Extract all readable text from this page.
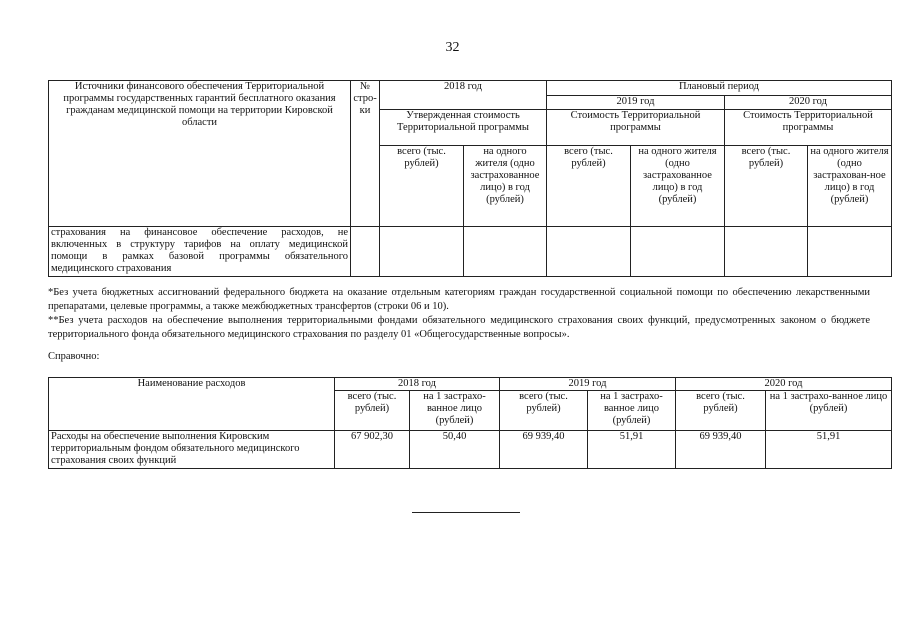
32
Источники финансового обеспечения Территориальной программы государственных гарантий бесплатного оказания гражданам медицинской помощи на территории Кировской области	№ стро-ки	2018 год		Плановый период			
				2019 год		2020 год	
		Утвержденная стоимость Территориальной программы		Стоимость Территориальной программы		Стоимость Территориальной программы	
		всего (тыс. рублей)	на одного жителя (одно застрахованное лицо) в год (рублей)	всего (тыс. рублей)	на одного жителя (одно застрахованное лицо) в год (рублей)	всего (тыс. рублей)	на одного жителя (одно застрахован-ное лицо) в год (рублей)
страхования на финансовое обеспечение расходов, не включенных в структуру тарифов на оплату медицинской помощи в рамках базовой программы обязательного медицинского страхования							
*Без учета бюджетных ассигнований федерального бюджета на оказание отдельным категориям граждан государственной социальной помощи по обеспечению лекарственными препаратами, целевые программы, а также межбюджетных трансфертов (строки 06 и 10).
**Без учета расходов на обеспечение выполнения территориальными фондами обязательного медицинского страхования своих функций, предусмотренных законом о бюджете территориального фонда обязательного медицинского страхования по разделу 01 «Общегосударственные вопросы».
Справочно:
Наименование расходов	2018 год		2019 год		2020 год	
	всего (тыс. рублей)	на 1 застрахо-ванное лицо (рублей)	всего (тыс. рублей)	на 1 застрахо-ванное лицо (рублей)	всего (тыс. рублей)	на 1 застрахо-ванное лицо (рублей)
Расходы на обеспечение выполнения Кировским территориальным фондом обязательного медицинского страхования своих функций	67 902,30	50,40	69 939,40	51,91	69 939,40	51,91
